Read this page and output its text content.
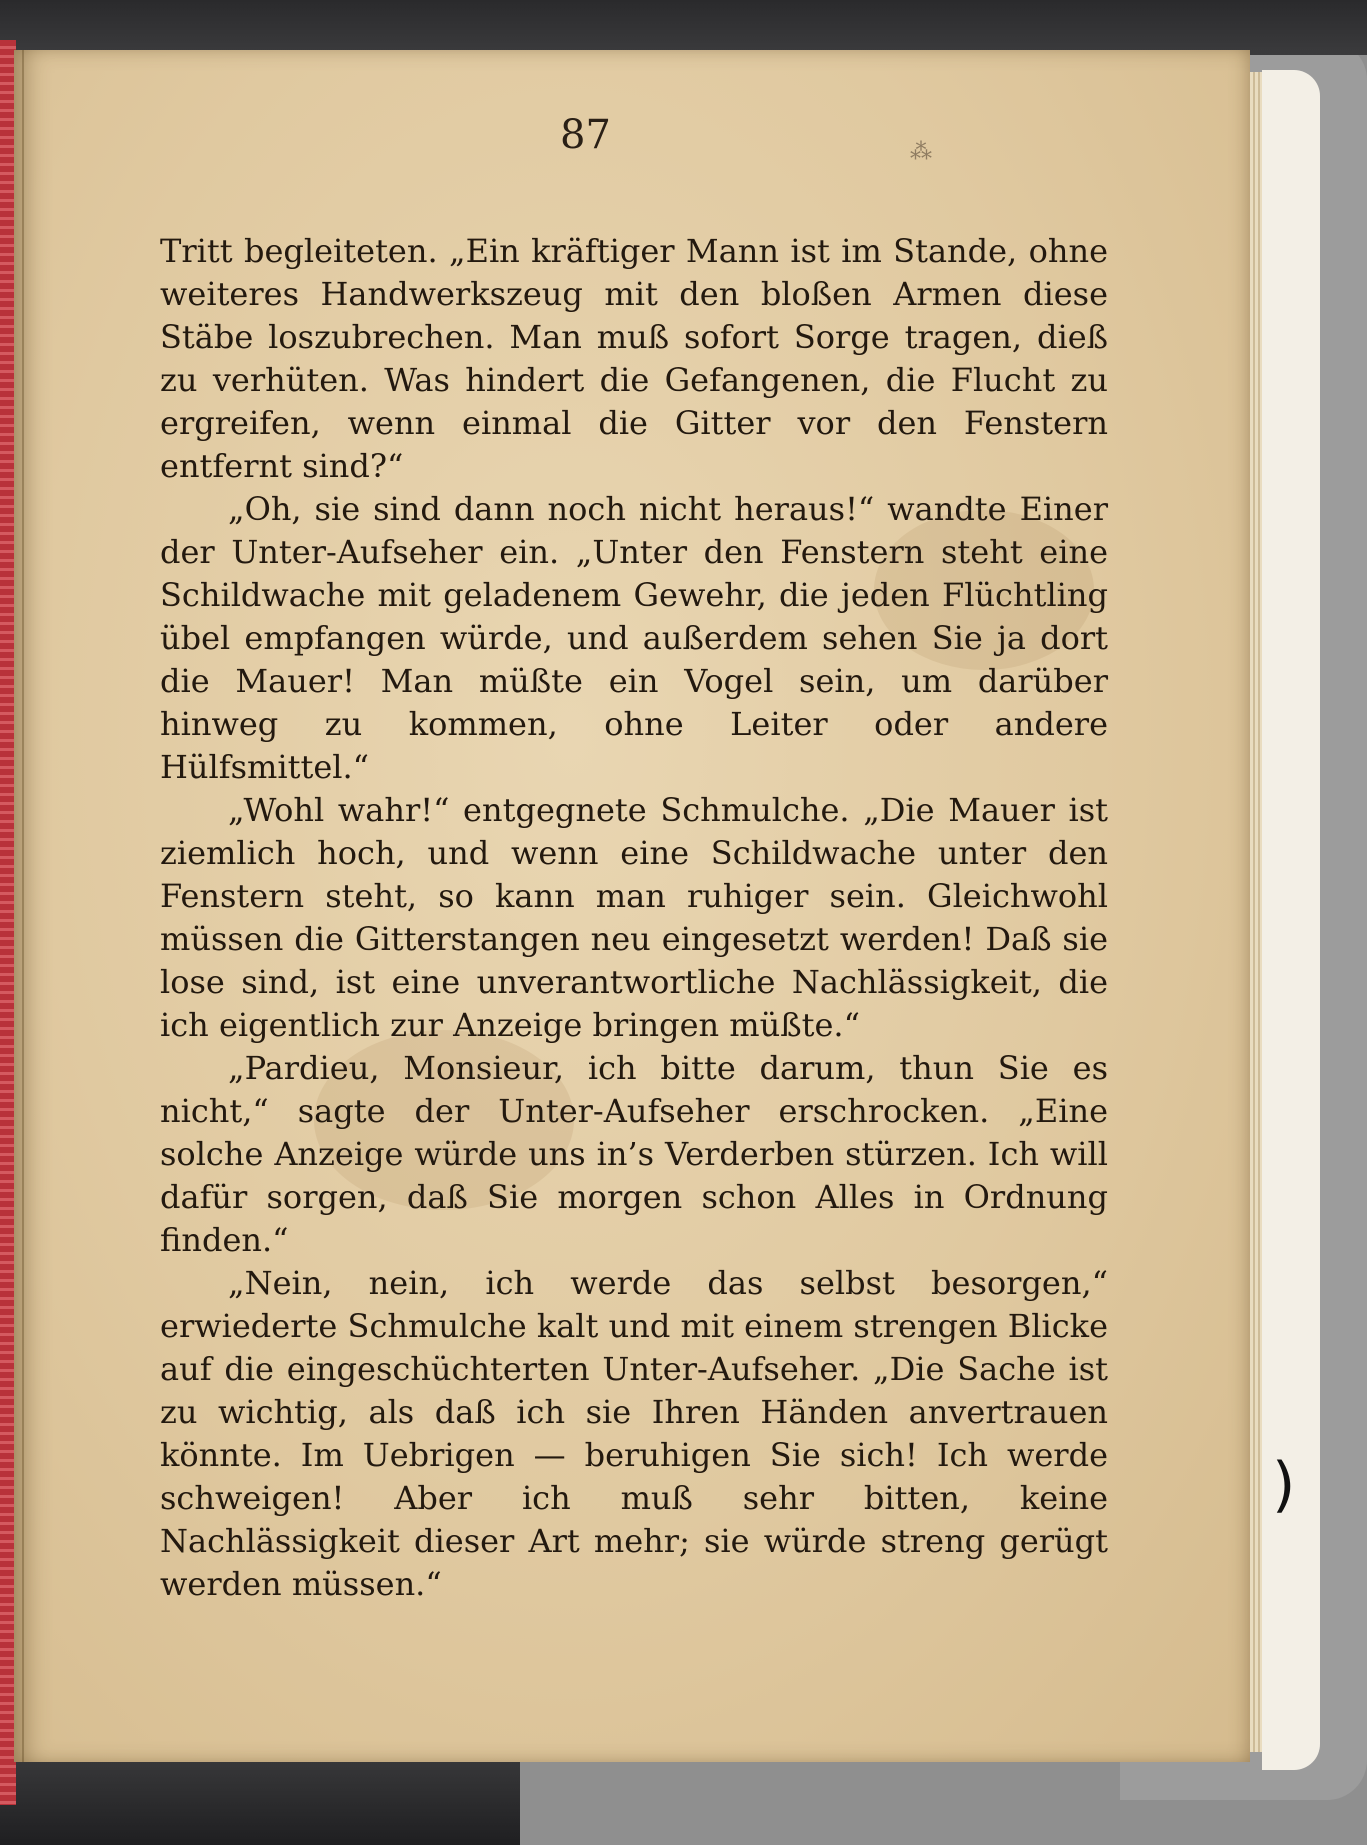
87	⁂

Tritt begleiteten. „Ein kräftiger Mann ist im Stande, ohne weiteres Handwerkszeug mit den bloßen Armen diese Stäbe loszubrechen. Man muß sofort Sorge tragen, dieß zu verhüten. Was hindert die Gefangenen, die Flucht zu ergreifen, wenn einmal die Gitter vor den Fenstern entfernt sind?“

„Oh, sie sind dann noch nicht heraus!“ wandte Einer der Unter-Aufseher ein. „Unter den Fenstern steht eine Schildwache mit geladenem Gewehr, die jeden Flüchtling übel empfangen würde, und außerdem sehen Sie ja dort die Mauer! Man müßte ein Vogel sein, um darüber hinweg zu kommen, ohne Leiter oder andere Hülfsmittel.“

„Wohl wahr!“ entgegnete Schmulche. „Die Mauer ist ziemlich hoch, und wenn eine Schildwache unter den Fenstern steht, so kann man ruhiger sein. Gleichwohl müssen die Gitterstangen neu eingesetzt werden! Daß sie lose sind, ist eine unverantwortliche Nachlässigkeit, die ich eigentlich zur Anzeige bringen müßte.“

„Pardieu, Monsieur, ich bitte darum, thun Sie es nicht,“ sagte der Unter-Aufseher erschrocken. „Eine solche Anzeige würde uns in’s Verderben stürzen. Ich will dafür sorgen, daß Sie morgen schon Alles in Ordnung finden.“

„Nein, nein, ich werde das selbst besorgen,“ erwiederte Schmulche kalt und mit einem strengen Blicke auf die eingeschüchterten Unter-Aufseher. „Die Sache ist zu wichtig, als daß ich sie Ihren Händen anvertrauen könnte. Im Uebrigen — beruhigen Sie sich! Ich werde schweigen! Aber ich muß sehr bitten, keine Nachlässigkeit dieser Art mehr; sie würde streng gerügt werden müssen.“

)
